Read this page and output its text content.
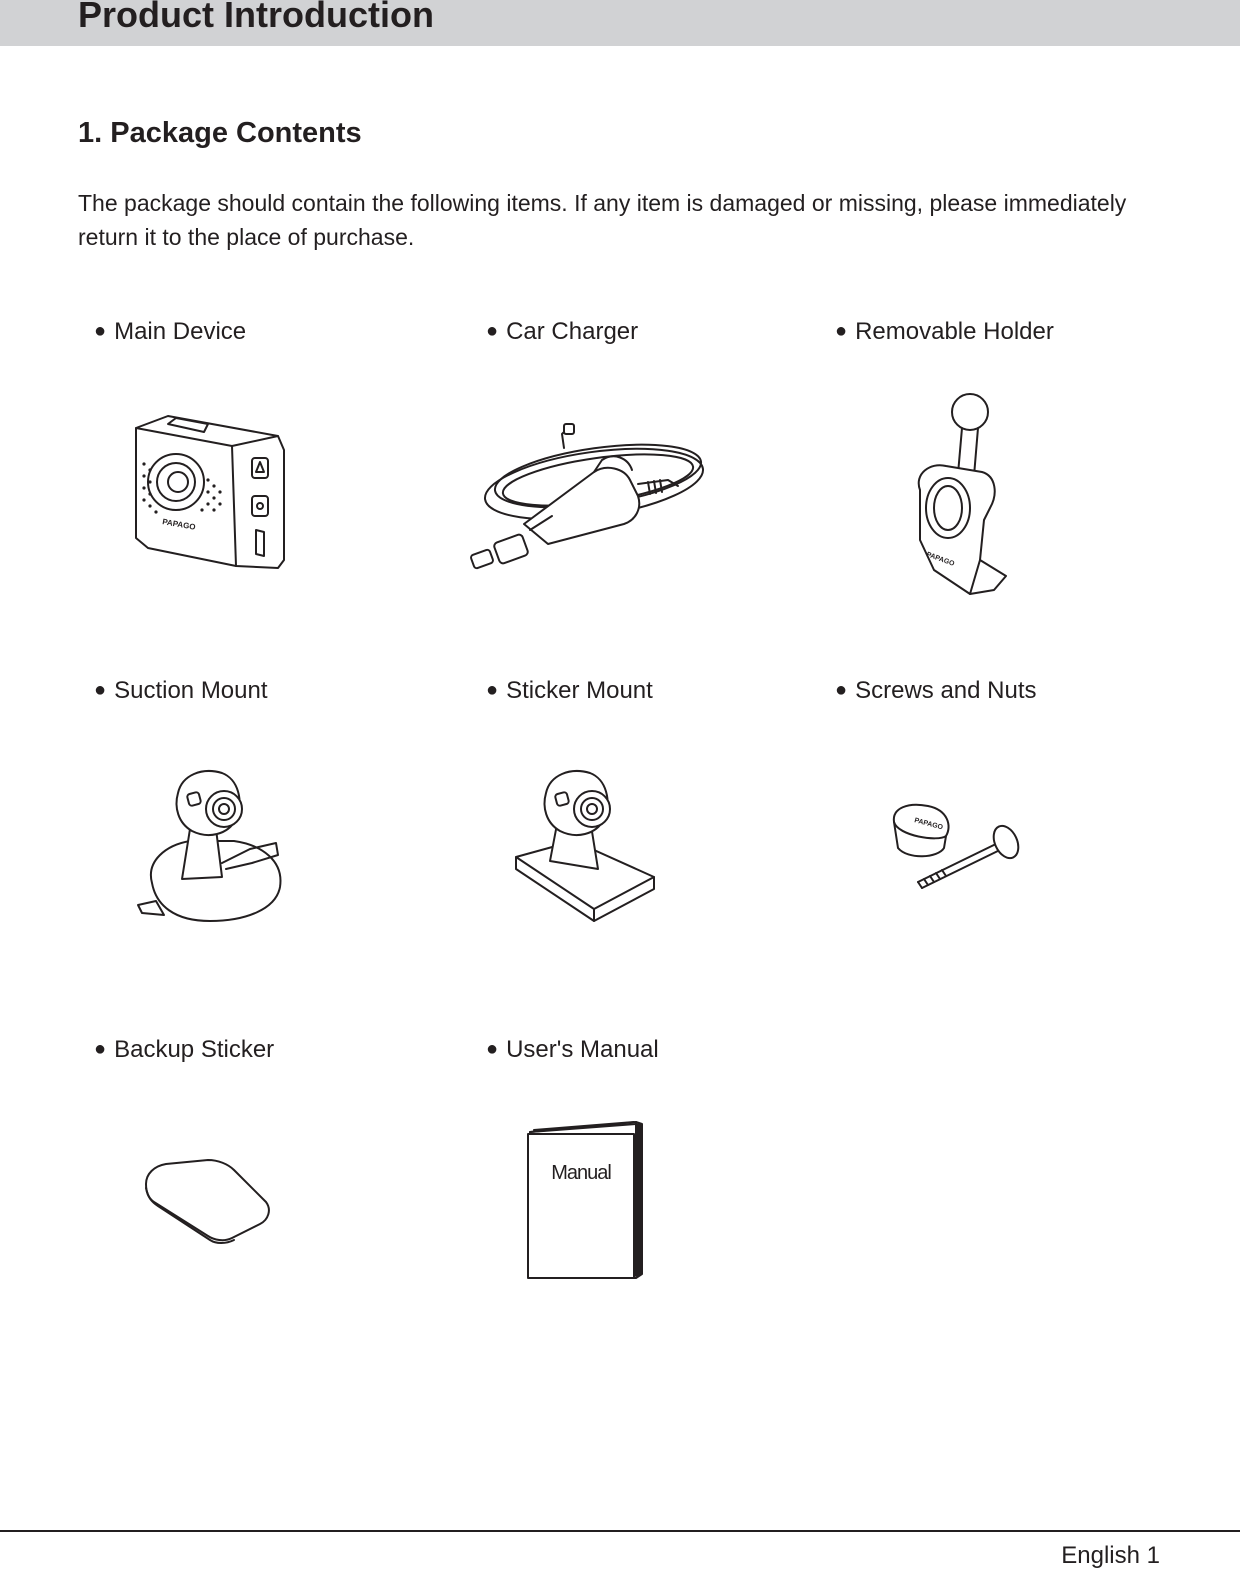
Product Introduction
1. Package Contents

The package should contain the following items. If any item is damaged or missing, please immediately return it to the place of purchase.

● Main Device	● Car Charger	● Removable Holder
● Suction Mount	● Sticker Mount	● Screws and Nuts
● Backup Sticker	● User's Manual
PAPAGO
PAPAGO
PAPAGO
Manual
English 1
